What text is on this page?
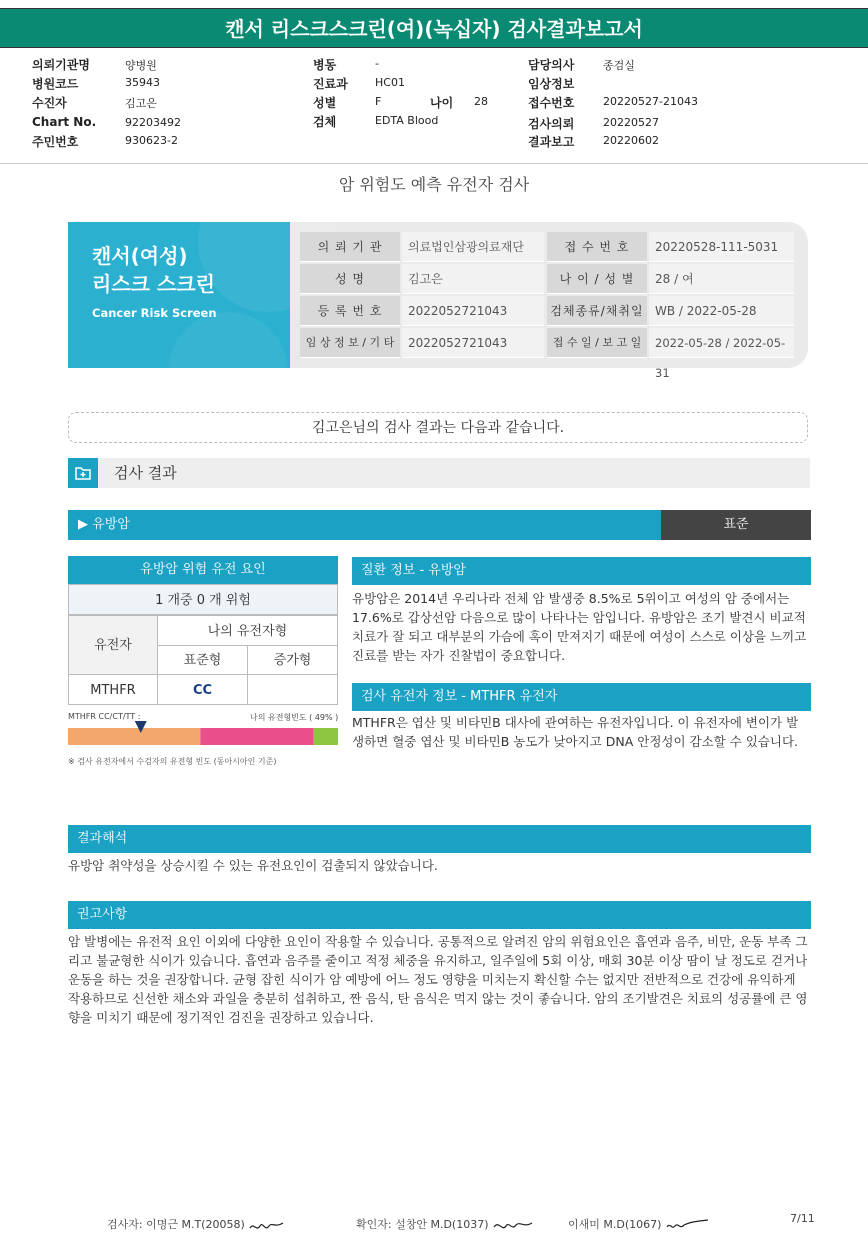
캔서 리스크스크린(여)(녹십자) 검사결과보고서
의뢰기관명	양병원
병원코드	35943
수진자	김고은
Chart No.	92203492
주민번호	930623-2
병동	-
진료과 HC01
성별	F	나이 28
검체	EDTA Blood
담당의사	종검실
임상정보
접수번호	20220527-21043
검사의뢰	20220527
결과보고	20220602
암 위험도 예측 유전자 검사
캔서(여성)
리스크 스크린
Cancer Risk Screen
의 뢰 기 관	의료법인삼광의료재단	접 수 번 호	20220528-111-5031
성 명	김고은	나 이 / 성 별	28 / 여
등 록 번 호	2022052721043	검체종류/채취일 WB / 2022-05-28
임 상 정 보 / 기 타	2022052721043	접 수 일 / 보 고 일	2022-05-28 / 2022-05-31
김고은님의 검사 결과는 다음과 같습니다.
검사 결과
▶ 유방암	표준
유방암 위험 유전 요인
1 개중 0 개 위험
유전자
나의 유전자형
표준형	증가형
MTHFR	CC
MTHFR CC/CT/TT :	나의 유전형빈도 ( 49% )
※ 검사 유전자에서 수검자의 유전형 빈도 (동아시아인 기준)
질환 정보 - 유방암
유방암은 2014년 우리나라 전체 암 발생중 8.5%로 5위이고 여성의 암 중에서는 17.6%로 갑상선암 다음으로 많이 나타나는 암입니다. 유방암은 조기 발견시 비교적 치료가 잘 되고 대부분의 가슴에 혹이 만져지기 때문에 여성이 스스로 이상을 느끼고 진료를 받는 자가 진찰법이 중요합니다.
검사 유전자 정보 - MTHFR 유전자
MTHFR은 엽산 및 비타민B 대사에 관여하는 유전자입니다. 이 유전자에 변이가 발생하면 혈중 엽산 및 비타민B 농도가 낮아지고 DNA 안정성이 감소할 수 있습니다.
결과해석
유방암 취약성을 상승시킬 수 있는 유전요인이 검출되지 않았습니다.
권고사항
암 발병에는 유전적 요인 이외에 다양한 요인이 작용할 수 있습니다. 공통적으로 알려진 암의 위험요인은 흡연과 음주, 비만, 운동 부족 그리고 불균형한 식이가 있습니다. 흡연과 음주를 줄이고 적정 체중을 유지하고, 일주일에 5회 이상, 매회 30분 이상 땀이 날 정도로 걷거나 운동을 하는 것을 권장합니다. 균형 잡힌 식이가 암 예방에 어느 정도 영향을 미치는지 확신할 수는 없지만 전반적으로 건강에 유익하게 작용하므로 신선한 채소와 과일을 충분히 섭취하고, 짠 음식, 탄 음식은 먹지 않는 것이 좋습니다. 암의 조기발견은 치료의 성공률에 큰 영향을 미치기 때문에 정기적인 검진을 권장하고 있습니다.
검사자: 이명근 M.T(20058)	확인자: 설창안 M.D(1037)	이새미 M.D(1067)	7/11
